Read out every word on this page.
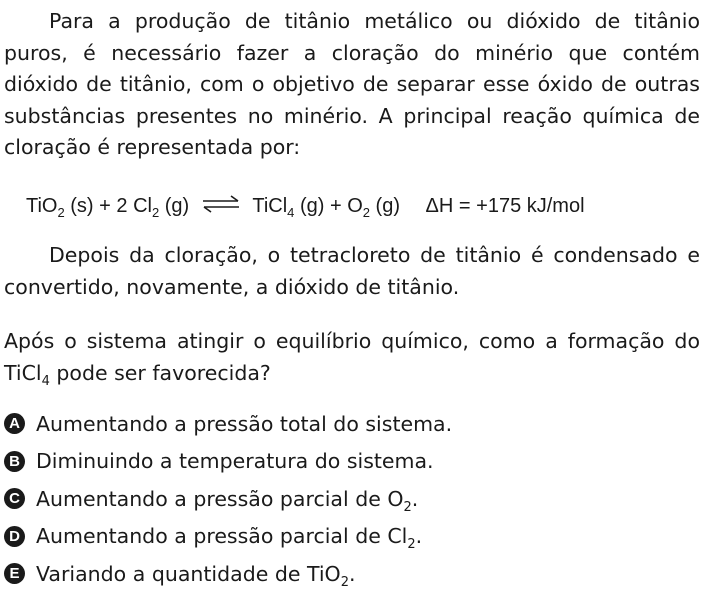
Para a produção de titânio metálico ou dióxido de titânio puros, é necessário fazer a cloração do minério que contém dióxido de titânio, com o objetivo de separar esse óxido de outras substâncias presentes no minério. A principal reação química de cloração é representada por:

TiO$_2$ (s) + 2 $Cl_2$ (g) ⇌ TiCl$_4$ $(g) + O_2$ (g) ΔH = +175 kJ/mol

Depois da cloração, o tetracloreto de titânio é condensado e convertido, novamente, a dióxido de titânio.

Após o sistema atingir o equilíbrio químico, como a formação do TiCl$_4$ pode ser favorecida?

A Aumentando a pressão total do sistema.
B Diminuindo a temperatura do sistema.
C Aumentando a pressão parcial de $O_2$.
D Aumentando a pressão parcial de $Cl_2$.
E Variando a quantidade de TiO$_2$.
